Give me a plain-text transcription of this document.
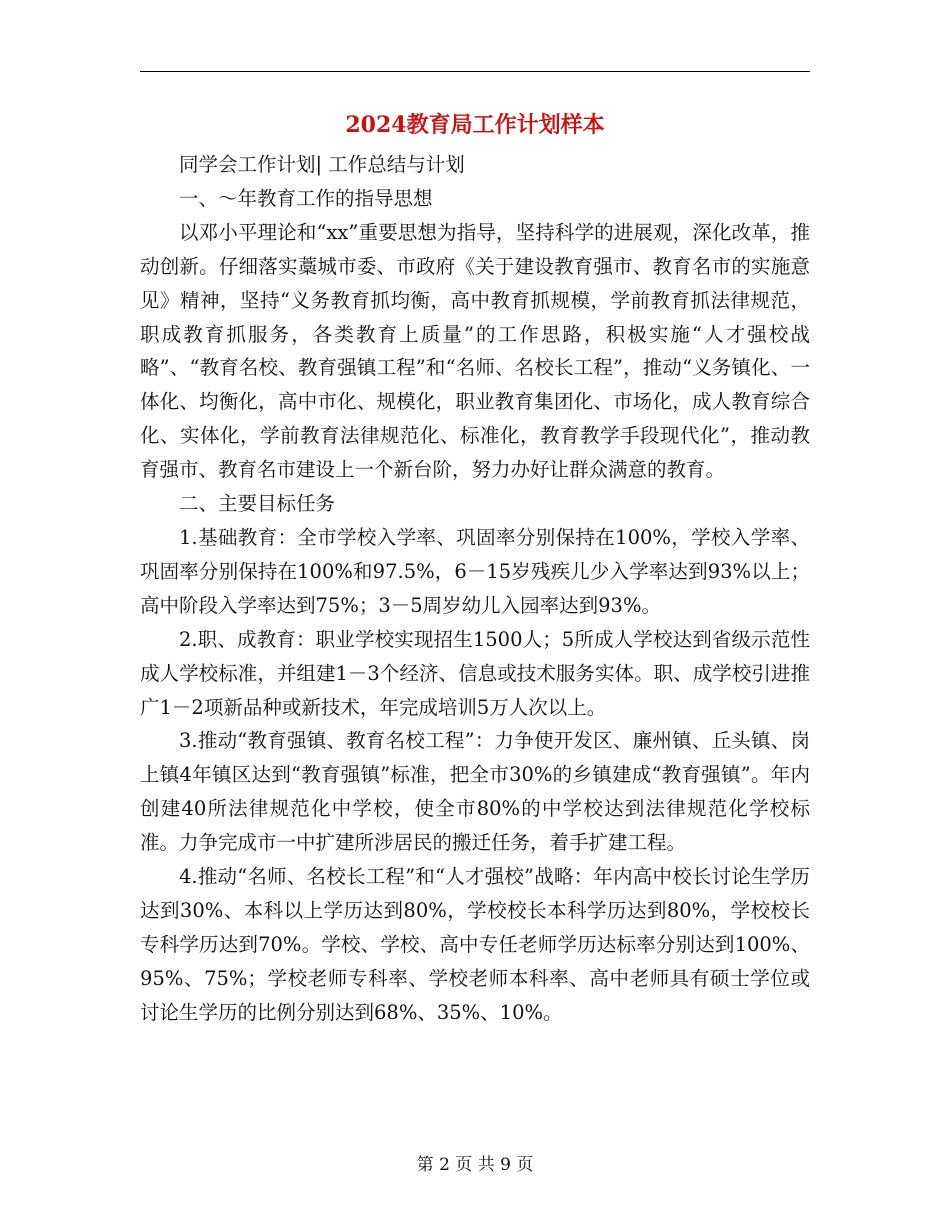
2024教育局工作计划样本

同学会工作计划| 工作总结与计划

一、～年教育工作的指导思想

以邓小平理论和“xx”重要思想为指导，坚持科学的进展观，深化改革，推动创新。仔细落实藁城市委、市政府《关于建设教育强市、教育名市的实施意见》精神，坚持“义务教育抓均衡，高中教育抓规模，学前教育抓法律规范，职成教育抓服务，各类教育上质量”的工作思路，积极实施“人才强校战略”、“教育名校、教育强镇工程”和“名师、名校长工程”，推动“义务镇化、一体化、均衡化，高中市化、规模化，职业教育集团化、市场化，成人教育综合化、实体化，学前教育法律规范化、标准化，教育教学手段现代化”，推动教育强市、教育名市建设上一个新台阶，努力办好让群众满意的教育。

二、主要目标任务

1.基础教育：全市学校入学率、巩固率分别保持在100%，学校入学率、巩固率分别保持在100%和97.5%，6－15岁残疾儿少入学率达到93%以上；高中阶段入学率达到75%；3－5周岁幼儿入园率达到93%。

2.职、成教育：职业学校实现招生1500人；5所成人学校达到省级示范性成人学校标准，并组建1－3个经济、信息或技术服务实体。职、成学校引进推广1－2项新品种或新技术，年完成培训5万人次以上。

3.推动“教育强镇、教育名校工程”：力争使开发区、廉州镇、丘头镇、岗上镇4年镇区达到“教育强镇”标准，把全市30%的乡镇建成“教育强镇”。年内创建40所法律规范化中学校，使全市80%的中学校达到法律规范化学校标准。力争完成市一中扩建所涉居民的搬迁任务，着手扩建工程。

4.推动“名师、名校长工程”和“人才强校”战略：年内高中校长讨论生学历达到30%、本科以上学历达到80%，学校校长本科学历达到80%，学校校长专科学历达到70%。学校、学校、高中专任老师学历达标率分别达到100%、95%、75%；学校老师专科率、学校老师本科率、高中老师具有硕士学位或讨论生学历的比例分别达到68%、35%、10%。

第 2 页 共 9 页
